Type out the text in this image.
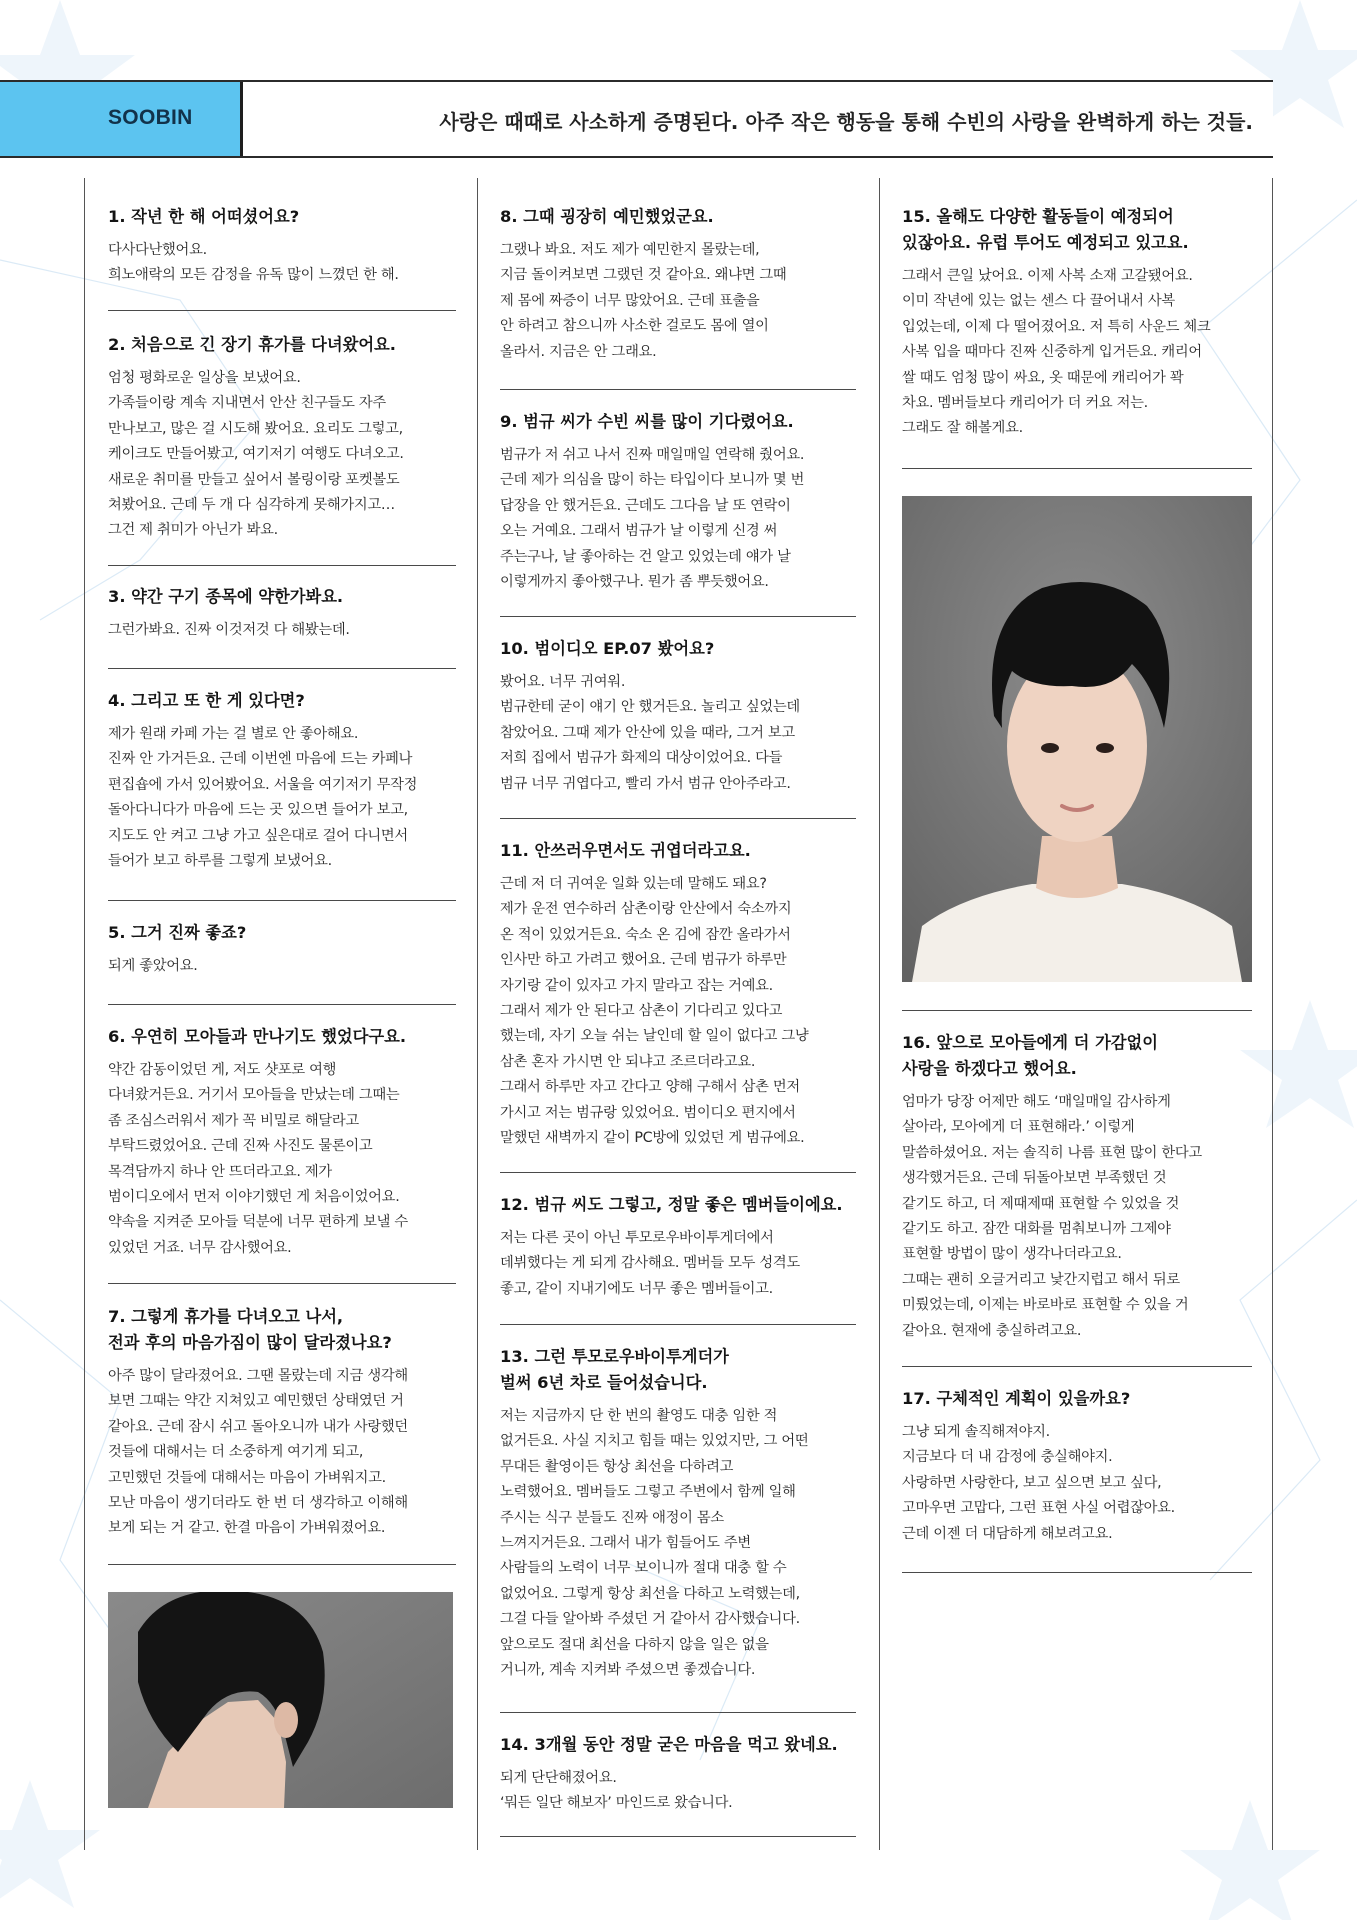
SOOBIN	사랑은 때때로 사소하게 증명된다. 아주 작은 행동을 통해 수빈의 사랑을 완벽하게 하는 것들.
1. 작년 한 해 어떠셨어요?
다사다난했어요.
희노애락의 모든 감정을 유독 많이 느꼈던 한 해.
2. 처음으로 긴 장기 휴가를 다녀왔어요.
엄청 평화로운 일상을 보냈어요.
가족들이랑 계속 지내면서 안산 친구들도 자주
만나보고, 많은 걸 시도해 봤어요. 요리도 그렇고,
케이크도 만들어봤고, 여기저기 여행도 다녀오고.
새로운 취미를 만들고 싶어서 볼링이랑 포켓볼도
쳐봤어요. 근데 두 개 다 심각하게 못해가지고…
그건 제 취미가 아닌가 봐요.
3. 약간 구기 종목에 약한가봐요.
그런가봐요. 진짜 이것저것 다 해봤는데.
4. 그리고 또 한 게 있다면?
제가 원래 카페 가는 걸 별로 안 좋아해요.
진짜 안 가거든요. 근데 이번엔 마음에 드는 카페나
편집숍에 가서 있어봤어요. 서울을 여기저기 무작정
돌아다니다가 마음에 드는 곳 있으면 들어가 보고,
지도도 안 켜고 그냥 가고 싶은대로 걸어 다니면서
들어가 보고 하루를 그렇게 보냈어요.
5. 그거 진짜 좋죠?
되게 좋았어요.
6. 우연히 모아들과 만나기도 했었다구요.
약간 감동이었던 게, 저도 샷포로 여행
다녀왔거든요. 거기서 모아들을 만났는데 그때는
좀 조심스러워서 제가 꼭 비밀로 해달라고
부탁드렸었어요. 근데 진짜 사진도 물론이고
목격담까지 하나 안 뜨더라고요. 제가
범이디오에서 먼저 이야기했던 게 처음이었어요.
약속을 지켜준 모아들 덕분에 너무 편하게 보낼 수
있었던 거죠. 너무 감사했어요.
7. 그렇게 휴가를 다녀오고 나서,
전과 후의 마음가짐이 많이 달라졌나요?
아주 많이 달라졌어요. 그땐 몰랐는데 지금 생각해
보면 그때는 약간 지쳐있고 예민했던 상태였던 거
같아요. 근데 잠시 쉬고 돌아오니까 내가 사랑했던
것들에 대해서는 더 소중하게 여기게 되고,
고민했던 것들에 대해서는 마음이 가벼워지고.
모난 마음이 생기더라도 한 번 더 생각하고 이해해
보게 되는 거 같고. 한결 마음이 가벼워졌어요.
8. 그때 굉장히 예민했었군요.
그랬나 봐요. 저도 제가 예민한지 몰랐는데,
지금 돌이켜보면 그랬던 것 같아요. 왜냐면 그때
제 몸에 짜증이 너무 많았어요. 근데 표출을
안 하려고 참으니까 사소한 걸로도 몸에 열이
올라서. 지금은 안 그래요.
9. 범규 씨가 수빈 씨를 많이 기다렸어요.
범규가 저 쉬고 나서 진짜 매일매일 연락해 줬어요.
근데 제가 의심을 많이 하는 타입이다 보니까 몇 번
답장을 안 했거든요. 근데도 그다음 날 또 연락이
오는 거예요. 그래서 범규가 날 이렇게 신경 써
주는구나, 날 좋아하는 건 알고 있었는데 얘가 날
이렇게까지 좋아했구나. 뭔가 좀 뿌듯했어요.
10. 범이디오 EP.07 봤어요?
봤어요. 너무 귀여워.
범규한테 굳이 얘기 안 했거든요. 놀리고 싶었는데
참았어요. 그때 제가 안산에 있을 때라, 그거 보고
저희 집에서 범규가 화제의 대상이었어요. 다들
범규 너무 귀엽다고, 빨리 가서 범규 안아주라고.
11. 안쓰러우면서도 귀엽더라고요.
근데 저 더 귀여운 일화 있는데 말해도 돼요?
제가 운전 연수하러 삼촌이랑 안산에서 숙소까지
온 적이 있었거든요. 숙소 온 김에 잠깐 올라가서
인사만 하고 가려고 했어요. 근데 범규가 하루만
자기랑 같이 있자고 가지 말라고 잡는 거예요.
그래서 제가 안 된다고 삼촌이 기다리고 있다고
했는데, 자기 오늘 쉬는 날인데 할 일이 없다고 그냥
삼촌 혼자 가시면 안 되냐고 조르더라고요.
그래서 하루만 자고 간다고 양해 구해서 삼촌 먼저
가시고 저는 범규랑 있었어요. 범이디오 편지에서
말했던 새벽까지 같이 PC방에 있었던 게 범규에요.
12. 범규 씨도 그렇고, 정말 좋은 멤버들이에요.
저는 다른 곳이 아닌 투모로우바이투게더에서
데뷔했다는 게 되게 감사해요. 멤버들 모두 성격도
좋고, 같이 지내기에도 너무 좋은 멤버들이고.
13. 그런 투모로우바이투게더가
벌써 6년 차로 들어섰습니다.
저는 지금까지 단 한 번의 촬영도 대충 임한 적
없거든요. 사실 지치고 힘들 때는 있었지만, 그 어떤
무대든 촬영이든 항상 최선을 다하려고
노력했어요. 멤버들도 그렇고 주변에서 함께 일해
주시는 식구 분들도 진짜 애정이 몸소
느껴지거든요. 그래서 내가 힘들어도 주변
사람들의 노력이 너무 보이니까 절대 대충 할 수
없었어요. 그렇게 항상 최선을 다하고 노력했는데,
그걸 다들 알아봐 주셨던 거 같아서 감사했습니다.
앞으로도 절대 최선을 다하지 않을 일은 없을
거니까, 계속 지켜봐 주셨으면 좋겠습니다.
14. 3개월 동안 정말 굳은 마음을 먹고 왔네요.
되게 단단해졌어요.
‘뭐든 일단 해보자’ 마인드로 왔습니다.
15. 올해도 다양한 활동들이 예정되어
있잖아요. 유럽 투어도 예정되고 있고요.
그래서 큰일 났어요. 이제 사복 소재 고갈됐어요.
이미 작년에 있는 없는 센스 다 끌어내서 사복
입었는데, 이제 다 떨어졌어요. 저 특히 사운드 체크
사복 입을 때마다 진짜 신중하게 입거든요. 캐리어
쌀 때도 엄청 많이 싸요, 옷 때문에 캐리어가 꽉
차요. 멤버들보다 캐리어가 더 커요 저는.
그래도 잘 해볼게요.
16. 앞으로 모아들에게 더 가감없이
사랑을 하겠다고 했어요.
엄마가 당장 어제만 해도 ‘매일매일 감사하게
살아라, 모아에게 더 표현해라.’ 이렇게
말씀하셨어요. 저는 솔직히 나름 표현 많이 한다고
생각했거든요. 근데 뒤돌아보면 부족했던 것
같기도 하고, 더 제때제때 표현할 수 있었을 것
같기도 하고. 잠깐 대화를 멈춰보니까 그제야
표현할 방법이 많이 생각나더라고요.
그때는 괜히 오글거리고 낯간지럽고 해서 뒤로
미뤘었는데, 이제는 바로바로 표현할 수 있을 거
같아요. 현재에 충실하려고요.
17. 구체적인 계획이 있을까요?
그냥 되게 솔직해져야지.
지금보다 더 내 감정에 충실해야지.
사랑하면 사랑한다, 보고 싶으면 보고 싶다,
고마우면 고맙다, 그런 표현 사실 어렵잖아요.
근데 이젠 더 대담하게 해보려고요.
